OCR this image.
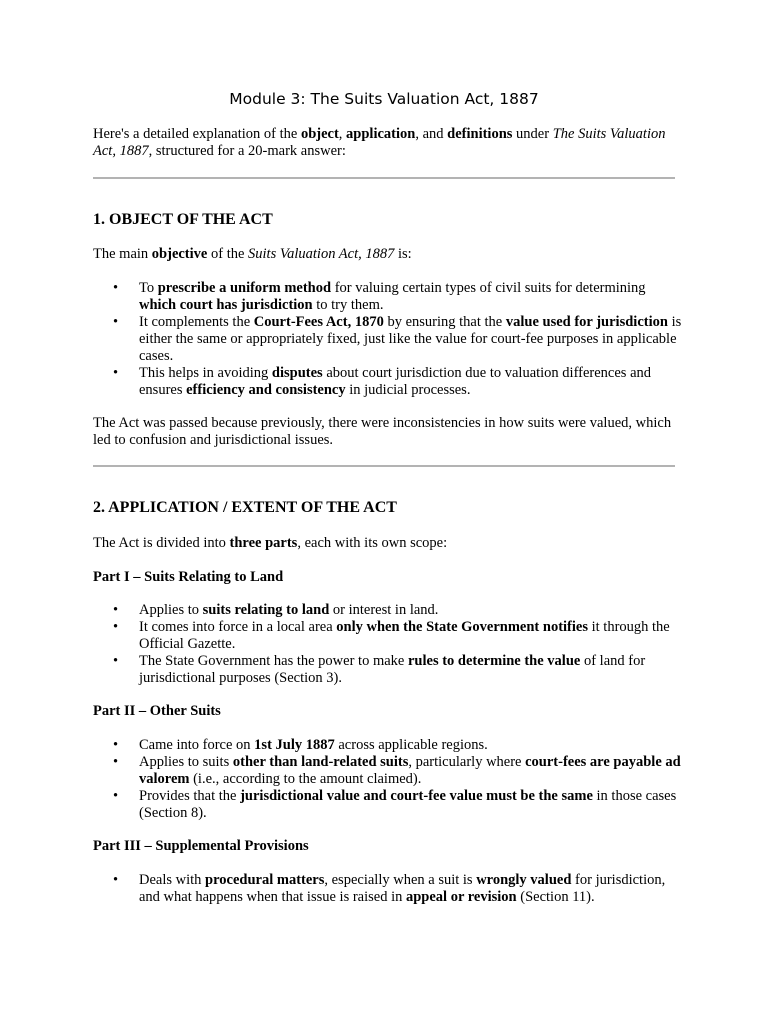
Module 3: The Suits Valuation Act, 1887

Here's a detailed explanation of the object, application, and definitions under The Suits Valuation Act, 1887, structured for a 20-mark answer:

1. OBJECT OF THE ACT

The main objective of the Suits Valuation Act, 1887 is:

• To prescribe a uniform method for valuing certain types of civil suits for determining which court has jurisdiction to try them.
• It complements the Court-Fees Act, 1870 by ensuring that the value used for jurisdiction is either the same or appropriately fixed, just like the value for court-fee purposes in applicable cases.
• This helps in avoiding disputes about court jurisdiction due to valuation differences and ensures efficiency and consistency in judicial processes.

The Act was passed because previously, there were inconsistencies in how suits were valued, which led to confusion and jurisdictional issues.

2. APPLICATION / EXTENT OF THE ACT

The Act is divided into three parts, each with its own scope:

Part I – Suits Relating to Land

• Applies to suits relating to land or interest in land.
• It comes into force in a local area only when the State Government notifies it through the Official Gazette.
• The State Government has the power to make rules to determine the value of land for jurisdictional purposes (Section 3).

Part II – Other Suits

• Came into force on 1st July 1887 across applicable regions.
• Applies to suits other than land-related suits, particularly where court-fees are payable ad valorem (i.e., according to the amount claimed).
• Provides that the jurisdictional value and court-fee value must be the same in those cases (Section 8).

Part III – Supplemental Provisions

• Deals with procedural matters, especially when a suit is wrongly valued for jurisdiction, and what happens when that issue is raised in appeal or revision (Section 11).
